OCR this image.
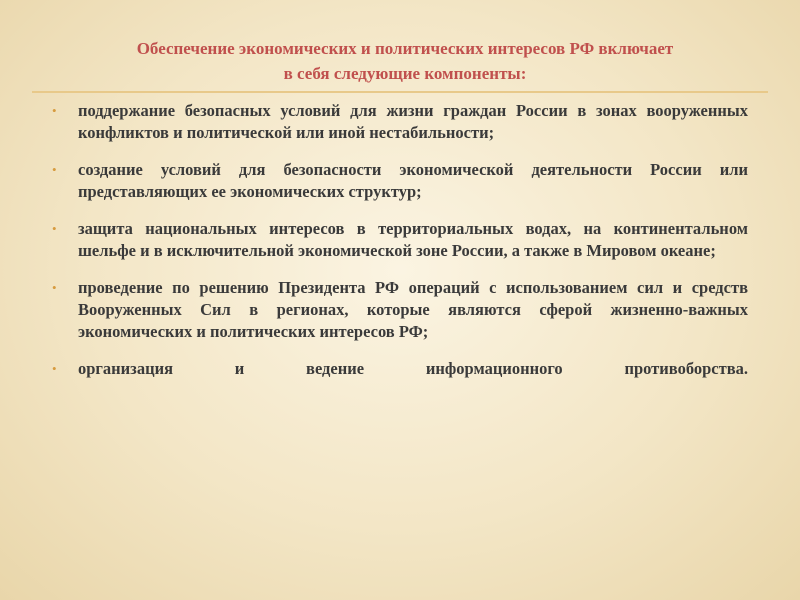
Обеспечение экономических и политических интересов РФ включает
в себя следующие компоненты:
• поддержание безопасных условий для жизни граждан России в зонах вооруженных конфликтов и политической или иной нестабильности;
• создание условий для безопасности экономической деятельности России или представляющих ее экономических структур;
• защита национальных интересов в территориальных водах, на континентальном шельфе и в исключительной экономической зоне России, а также в Мировом океане;
• проведение по решению Президента РФ операций с использованием сил и средств Вооруженных Сил в регионах, которые являются сферой жизненно-важных экономических и политических интересов РФ;
• организация и ведение информационного противоборства.
